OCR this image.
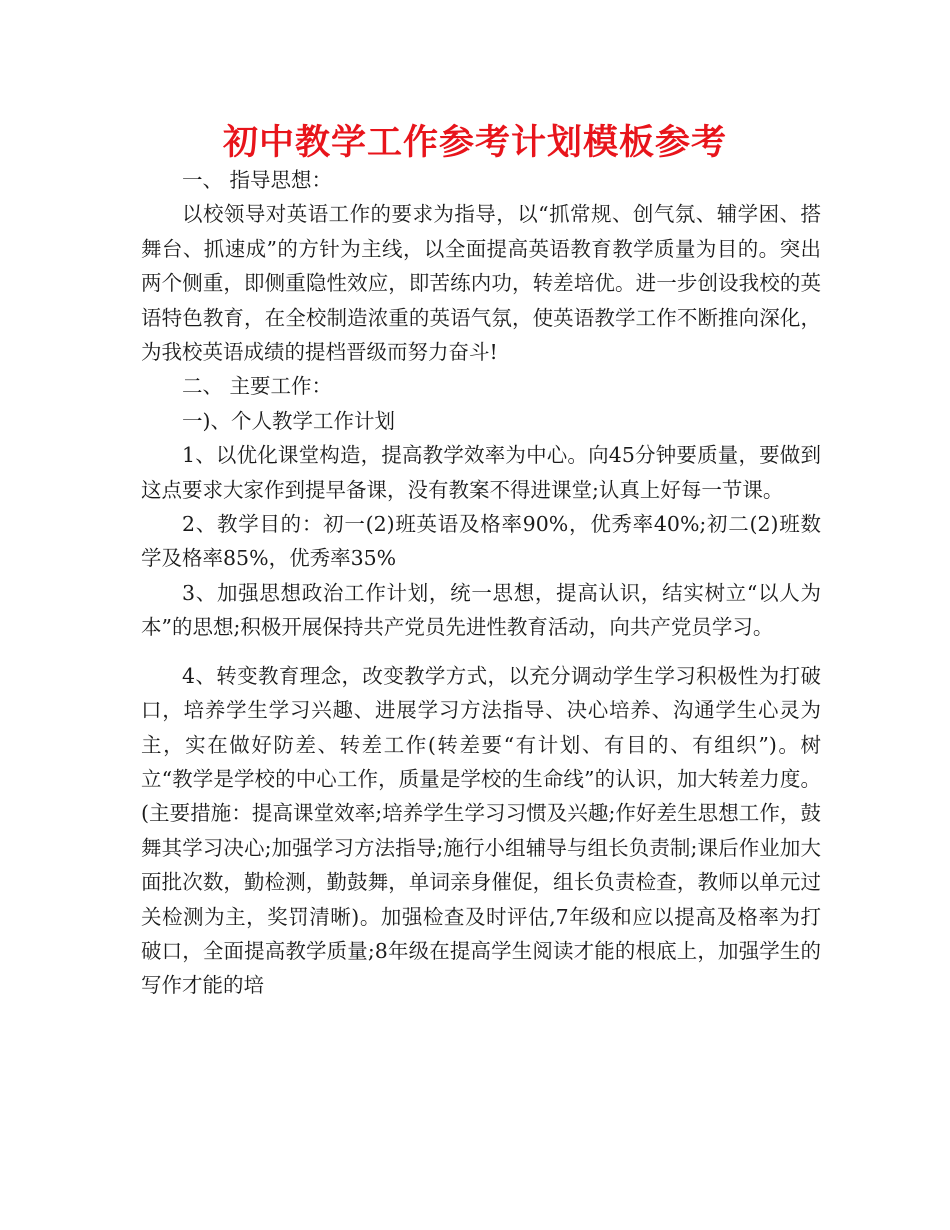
初中教学工作参考计划模板参考

一、 指导思想：

以校领导对英语工作的要求为指导，以“抓常规、创气氛、辅学困、搭舞台、抓速成”的方针为主线，以全面提高英语教育教学质量为目的。突出两个侧重，即侧重隐性效应，即苦练内功，转差培优。进一步创设我校的英语特色教育，在全校制造浓重的英语气氛，使英语教学工作不断推向深化，为我校英语成绩的提档晋级而努力奋斗!

二、 主要工作：

一)、个人教学工作计划

1、以优化课堂构造，提高教学效率为中心。向45分钟要质量，要做到这点要求大家作到提早备课，没有教案不得进课堂;认真上好每一节课。

2、教学目的：初一(2)班英语及格率90%，优秀率40%;初二(2)班数学及格率85%，优秀率35%

3、加强思想政治工作计划，统一思想，提高认识，结实树立“以人为本”的思想;积极开展保持共产党员先进性教育活动，向共产党员学习。

4、转变教育理念，改变教学方式，以充分调动学生学习积极性为打破口，培养学生学习兴趣、进展学习方法指导、决心培养、沟通学生心灵为主，实在做好防差、转差工作(转差要“有计划、有目的、有组织”)。树立“教学是学校的中心工作，质量是学校的生命线”的认识，加大转差力度。(主要措施：提高课堂效率;培养学生学习习惯及兴趣;作好差生思想工作，鼓舞其学习决心;加强学习方法指导;施行小组辅导与组长负责制;课后作业加大面批次数，勤检测，勤鼓舞，单词亲身催促，组长负责检查，教师以单元过关检测为主，奖罚清晰)。加强检查及时评估,7年级和应以提高及格率为打破口，全面提高教学质量;8年级在提高学生阅读才能的根底上，加强学生的写作才能的培
